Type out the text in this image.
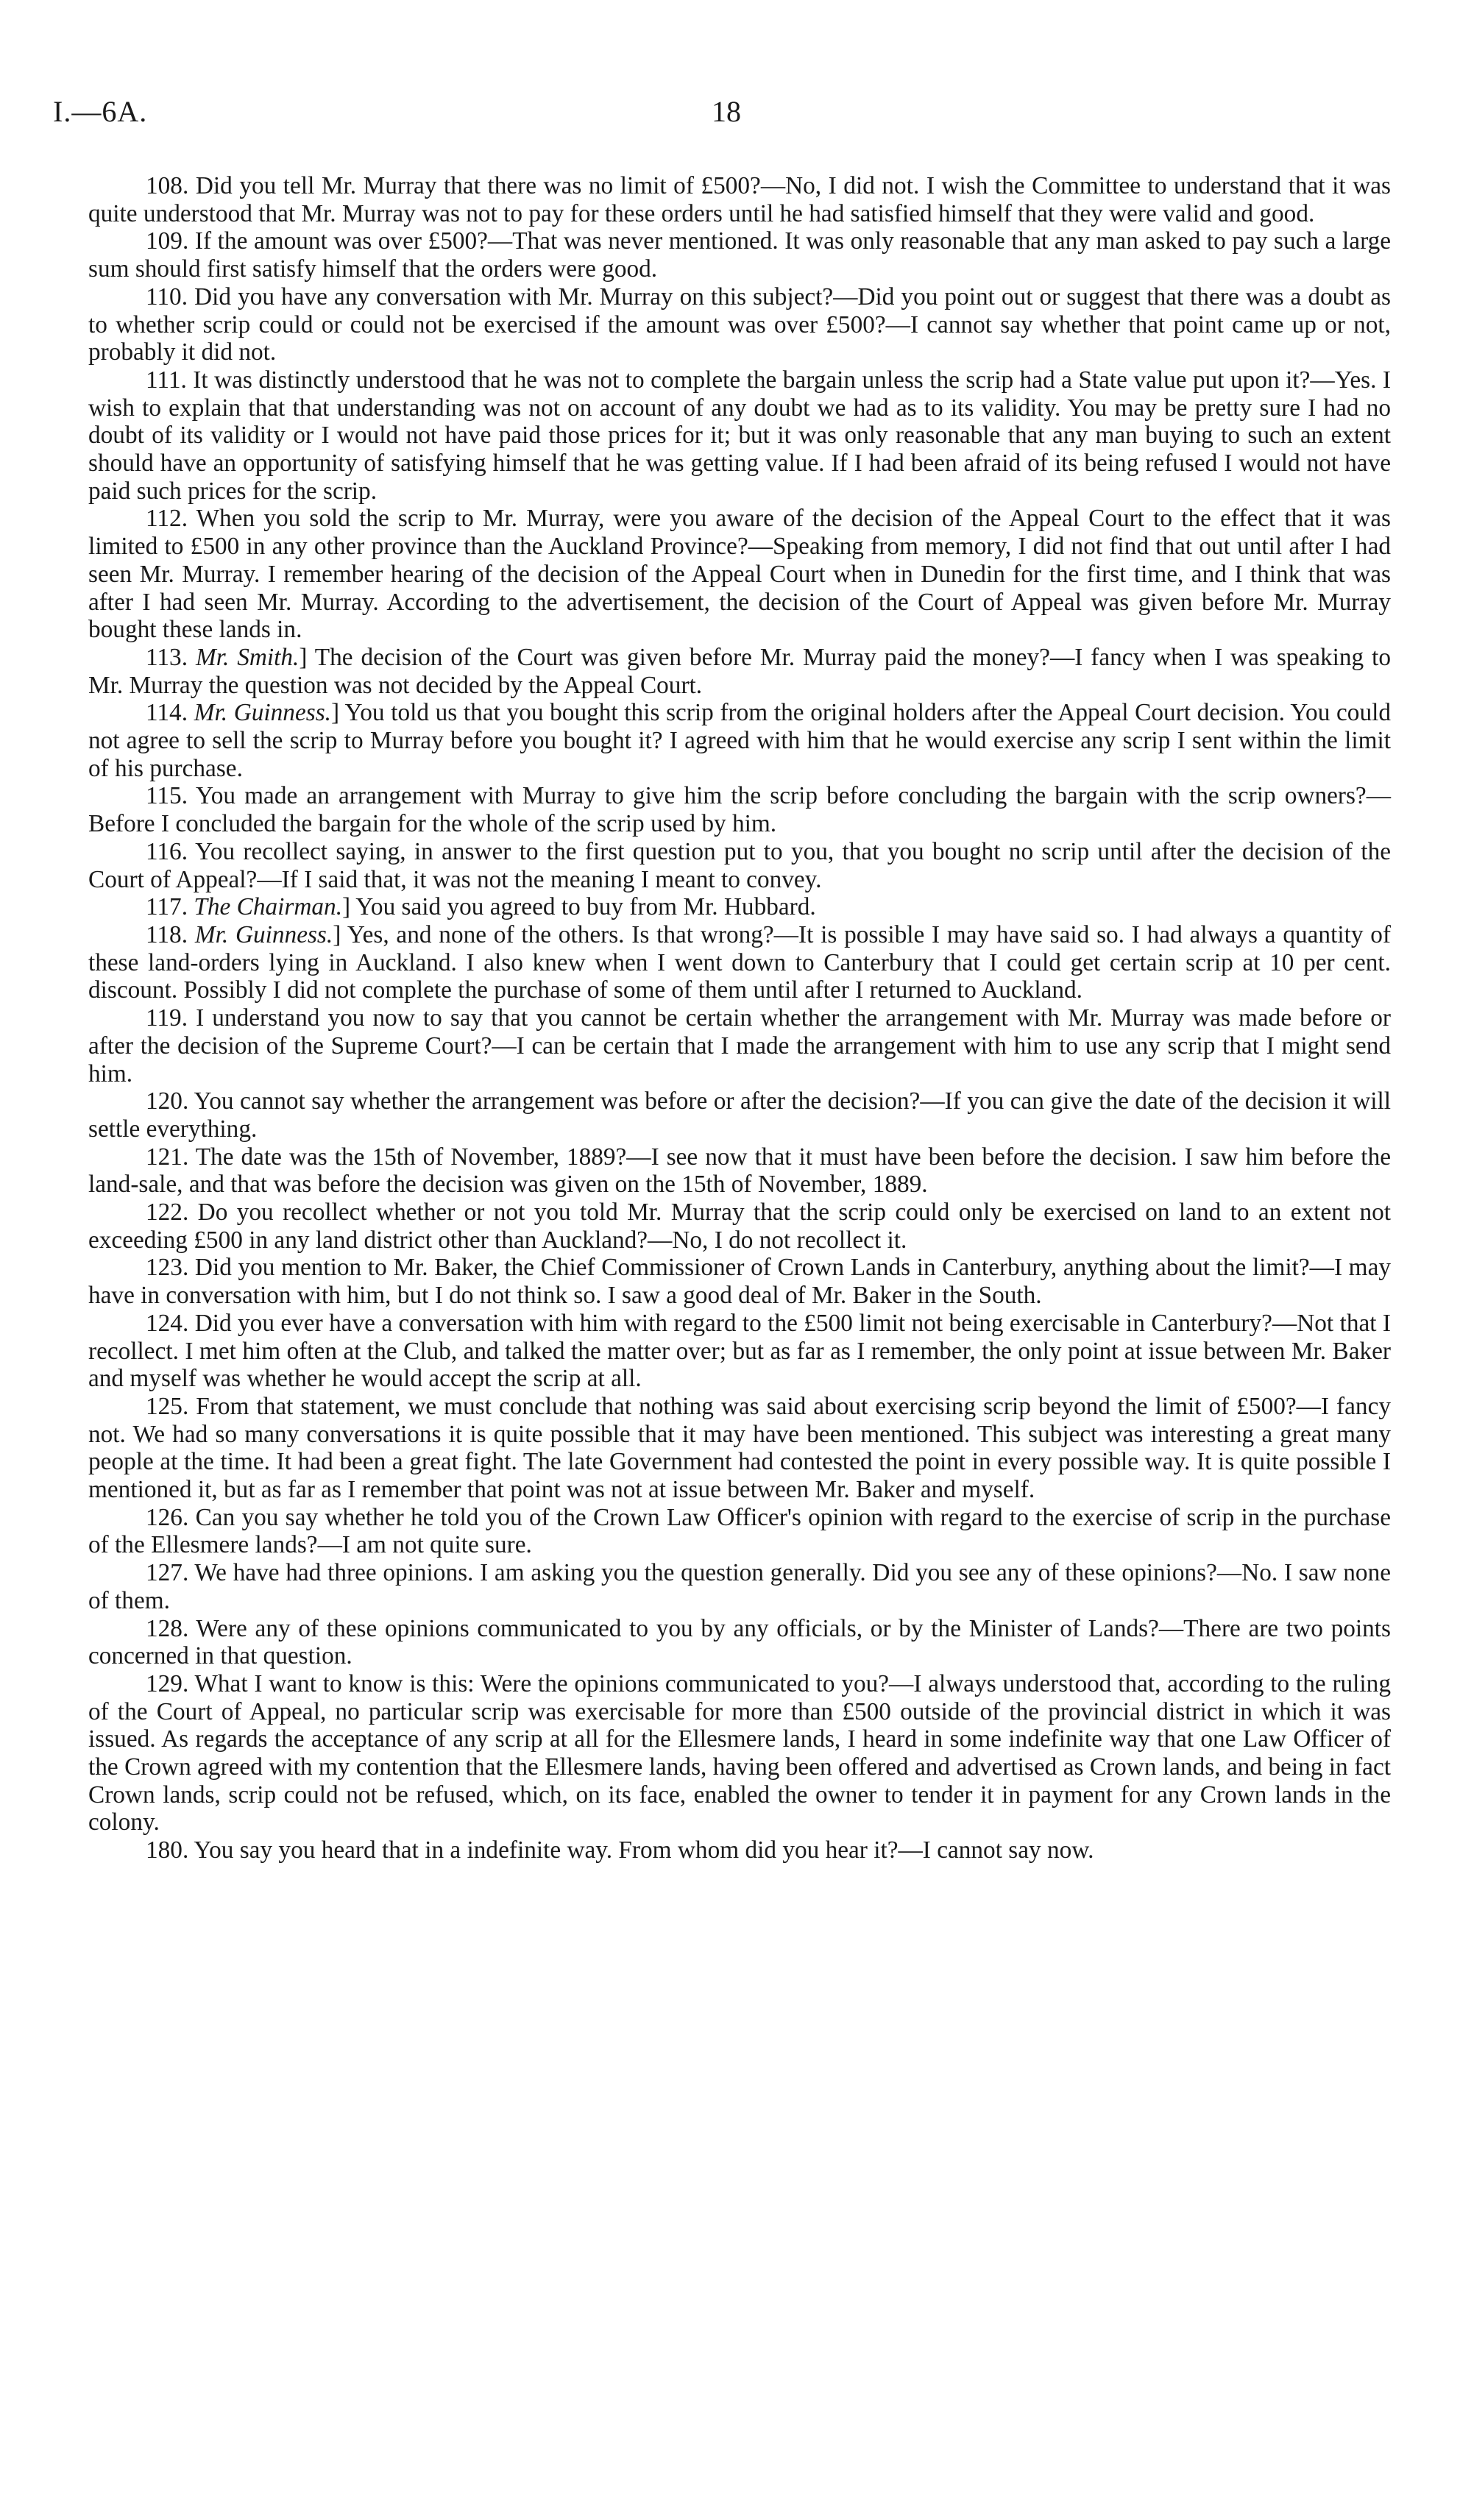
I.—6A.	18

108. Did you tell Mr. Murray that there was no limit of £500?—No, I did not. I wish the Committee to understand that it was quite understood that Mr. Murray was not to pay for these orders until he had satisfied himself that they were valid and good.

109. If the amount was over £500?—That was never mentioned. It was only reasonable that any man asked to pay such a large sum should first satisfy himself that the orders were good.

110. Did you have any conversation with Mr. Murray on this subject?—Did you point out or suggest that there was a doubt as to whether scrip could or could not be exercised if the amount was over £500?—I cannot say whether that point came up or not, probably it did not.

111. It was distinctly understood that he was not to complete the bargain unless the scrip had a State value put upon it?—Yes. I wish to explain that that understanding was not on account of any doubt we had as to its validity. You may be pretty sure I had no doubt of its validity or I would not have paid those prices for it; but it was only reasonable that any man buying to such an extent should have an opportunity of satisfying himself that he was getting value. If I had been afraid of its being refused I would not have paid such prices for the scrip.

112. When you sold the scrip to Mr. Murray, were you aware of the decision of the Appeal Court to the effect that it was limited to £500 in any other province than the Auckland Province?—Speaking from memory, I did not find that out until after I had seen Mr. Murray. I remember hearing of the decision of the Appeal Court when in Dunedin for the first time, and I think that was after I had seen Mr. Murray. According to the advertisement, the decision of the Court of Appeal was given before Mr. Murray bought these lands in.

113. Mr. Smith.] The decision of the Court was given before Mr. Murray paid the money?—I fancy when I was speaking to Mr. Murray the question was not decided by the Appeal Court.

114. Mr. Guinness.] You told us that you bought this scrip from the original holders after the Appeal Court decision. You could not agree to sell the scrip to Murray before you bought it? I agreed with him that he would exercise any scrip I sent within the limit of his purchase.

115. You made an arrangement with Murray to give him the scrip before concluding the bargain with the scrip owners?—Before I concluded the bargain for the whole of the scrip used by him.

116. You recollect saying, in answer to the first question put to you, that you bought no scrip until after the decision of the Court of Appeal?—If I said that, it was not the meaning I meant to convey.

117. The Chairman.] You said you agreed to buy from Mr. Hubbard.

118. Mr. Guinness.] Yes, and none of the others. Is that wrong?—It is possible I may have said so. I had always a quantity of these land-orders lying in Auckland. I also knew when I went down to Canterbury that I could get certain scrip at 10 per cent. discount. Possibly I did not complete the purchase of some of them until after I returned to Auckland.

119. I understand you now to say that you cannot be certain whether the arrangement with Mr. Murray was made before or after the decision of the Supreme Court?—I can be certain that I made the arrangement with him to use any scrip that I might send him.

120. You cannot say whether the arrangement was before or after the decision?—If you can give the date of the decision it will settle everything.

121. The date was the 15th of November, 1889?—I see now that it must have been before the decision. I saw him before the land-sale, and that was before the decision was given on the 15th of November, 1889.

122. Do you recollect whether or not you told Mr. Murray that the scrip could only be exercised on land to an extent not exceeding £500 in any land district other than Auckland?—No, I do not recollect it.

123. Did you mention to Mr. Baker, the Chief Commissioner of Crown Lands in Canterbury, anything about the limit?—I may have in conversation with him, but I do not think so. I saw a good deal of Mr. Baker in the South.

124. Did you ever have a conversation with him with regard to the £500 limit not being exercisable in Canterbury?—Not that I recollect. I met him often at the Club, and talked the matter over; but as far as I remember, the only point at issue between Mr. Baker and myself was whether he would accept the scrip at all.

125. From that statement, we must conclude that nothing was said about exercising scrip beyond the limit of £500?—I fancy not. We had so many conversations it is quite possible that it may have been mentioned. This subject was interesting a great many people at the time. It had been a great fight. The late Government had contested the point in every possible way. It is quite possible I mentioned it, but as far as I remember that point was not at issue between Mr. Baker and myself.

126. Can you say whether he told you of the Crown Law Officer's opinion with regard to the exercise of scrip in the purchase of the Ellesmere lands?—I am not quite sure.

127. We have had three opinions. I am asking you the question generally. Did you see any of these opinions?—No. I saw none of them.

128. Were any of these opinions communicated to you by any officials, or by the Minister of Lands?—There are two points concerned in that question.

129. What I want to know is this: Were the opinions communicated to you?—I always understood that, according to the ruling of the Court of Appeal, no particular scrip was exercisable for more than £500 outside of the provincial district in which it was issued. As regards the acceptance of any scrip at all for the Ellesmere lands, I heard in some indefinite way that one Law Officer of the Crown agreed with my contention that the Ellesmere lands, having been offered and advertised as Crown lands, and being in fact Crown lands, scrip could not be refused, which, on its face, enabled the owner to tender it in payment for any Crown lands in the colony.

180. You say you heard that in a indefinite way. From whom did you hear it?—I cannot say now.
